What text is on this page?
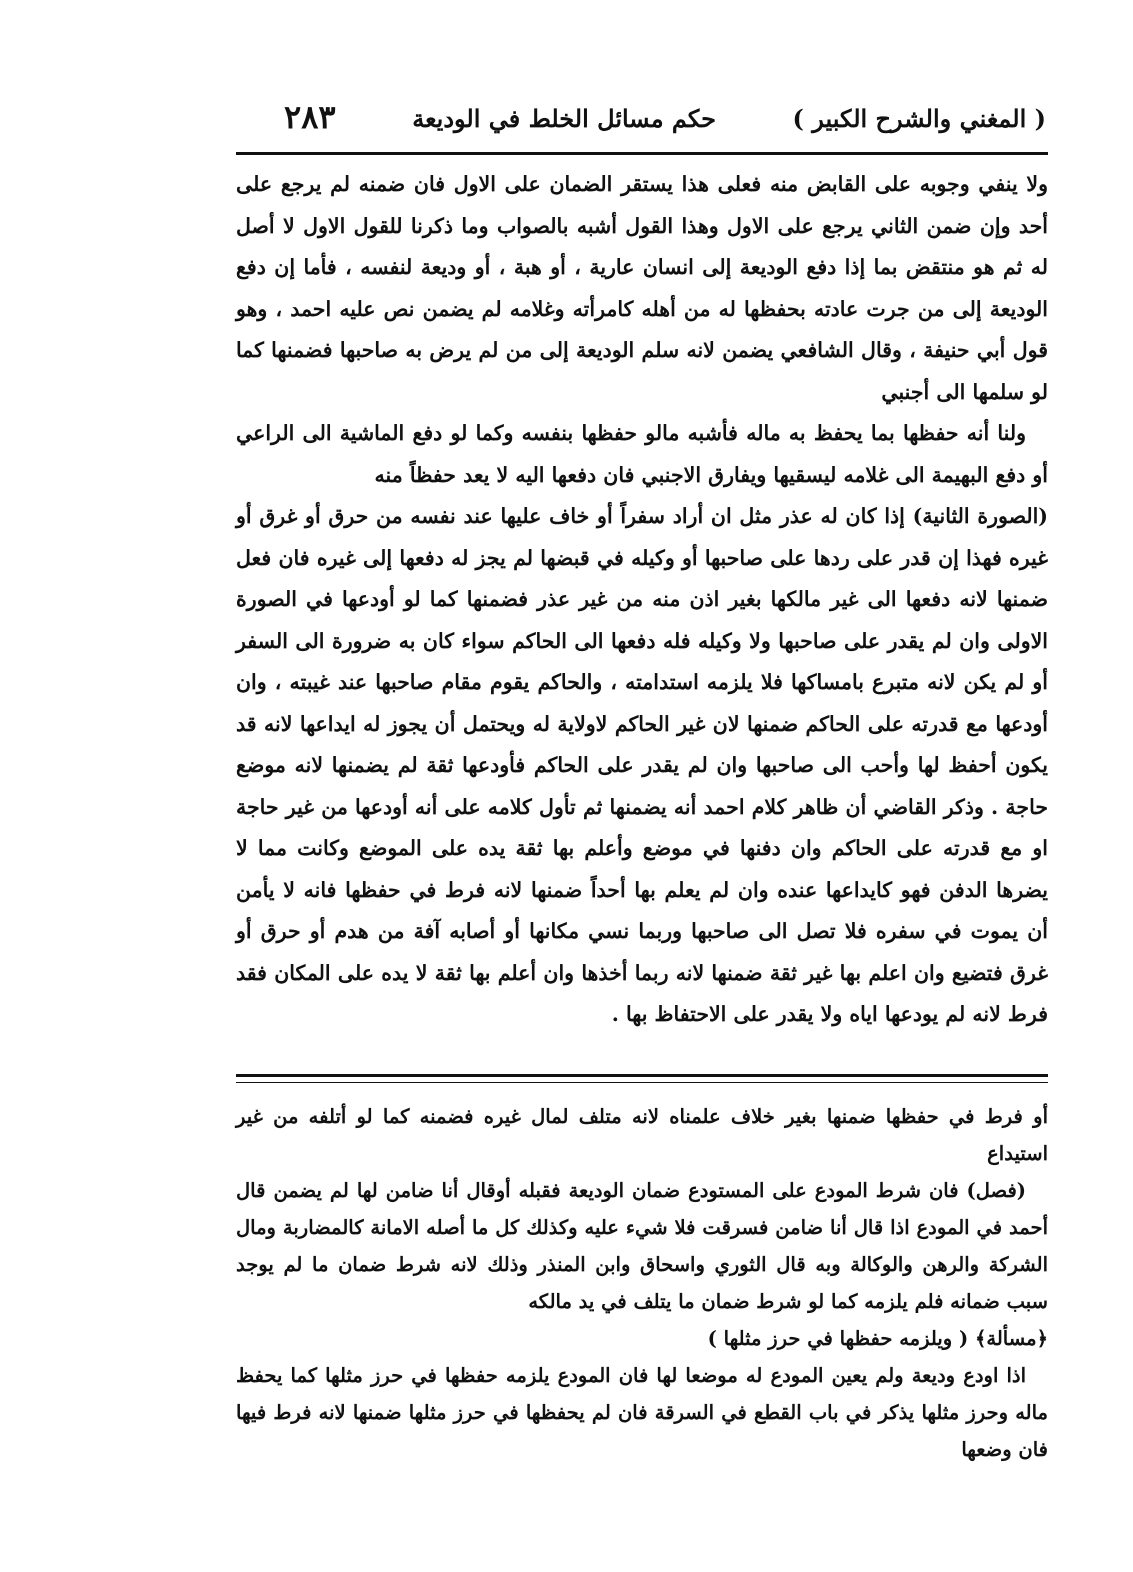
( المغني والشرح الكبير )
حكم مسائل الخلط في الوديعة
٢٨٣

ولا ينفي وجوبه على القابض منه فعلى هذا يستقر الضمان على الاول فان ضمنه لم يرجع على أحد وإن ضمن الثاني يرجع على الاول وهذا القول أشبه بالصواب وما ذكرنا للقول الاول لا أصل له ثم هو منتقض بما إذا دفع الوديعة إلى انسان عارية ، أو هبة ، أو وديعة لنفسه ، فأما إن دفع الوديعة إلى من جرت عادته بحفظها له من أهله كامرأته وغلامه لم يضمن نص عليه احمد ، وهو قول أبي حنيفة ، وقال الشافعي يضمن لانه سلم الوديعة إلى من لم يرض به صاحبها فضمنها كما لو سلمها الى أجنبي

ولنا أنه حفظها بما يحفظ به ماله فأشبه مالو حفظها بنفسه وكما لو دفع الماشية الى الراعي أو دفع البهيمة الى غلامه ليسقيها ويفارق الاجنبي فان دفعها اليه لا يعد حفظاً منه

(الصورة الثانية) إذا كان له عذر مثل ان أراد سفراً أو خاف عليها عند نفسه من حرق أو غرق أو غيره فهذا إن قدر على ردها على صاحبها أو وكيله في قبضها لم يجز له دفعها إلى غيره فان فعل ضمنها لانه دفعها الى غير مالكها بغير اذن منه من غير عذر فضمنها كما لو أودعها في الصورة الاولى وان لم يقدر على صاحبها ولا وكيله فله دفعها الى الحاكم سواء كان به ضرورة الى السفر أو لم يكن لانه متبرع بامساكها فلا يلزمه استدامته ، والحاكم يقوم مقام صاحبها عند غيبته ، وان أودعها مع قدرته على الحاكم ضمنها لان غير الحاكم لاولاية له ويحتمل أن يجوز له ايداعها لانه قد يكون أحفظ لها وأحب الى صاحبها وان لم يقدر على الحاكم فأودعها ثقة لم يضمنها لانه موضع حاجة . وذكر القاضي أن ظاهر كلام احمد أنه يضمنها ثم تأول كلامه على أنه أودعها من غير حاجة او مع قدرته على الحاكم وان دفنها في موضع وأعلم بها ثقة يده على الموضع وكانت مما لا يضرها الدفن فهو كايداعها عنده وان لم يعلم بها أحداً ضمنها لانه فرط في حفظها فانه لا يأمن أن يموت في سفره فلا تصل الى صاحبها وربما نسي مكانها أو أصابه آفة من هدم أو حرق أو غرق فتضيع وان اعلم بها غير ثقة ضمنها لانه ربما أخذها وان أعلم بها ثقة لا يده على المكان فقد فرط لانه لم يودعها اياه ولا يقدر على الاحتفاظ بها .

أو فرط في حفظها ضمنها بغير خلاف علمناه لانه متلف لمال غيره فضمنه كما لو أتلفه من غير استيداع

(فصل) فان شرط المودع على المستودع ضمان الوديعة فقبله أوقال أنا ضامن لها لم يضمن قال أحمد في المودع اذا قال أنا ضامن فسرقت فلا شيء عليه وكذلك كل ما أصله الامانة كالمضاربة ومال الشركة والرهن والوكالة وبه قال الثوري واسحاق وابن المنذر وذلك لانه شرط ضمان ما لم يوجد سبب ضمانه فلم يلزمه كما لو شرط ضمان ما يتلف في يد مالكه

﴿مسألة﴾ ( ويلزمه حفظها في حرز مثلها )

اذا اودع وديعة ولم يعين المودع له موضعا لها فان المودع يلزمه حفظها في حرز مثلها كما يحفظ ماله وحرز مثلها يذكر في باب القطع في السرقة فان لم يحفظها في حرز مثلها ضمنها لانه فرط فيها فان وضعها
